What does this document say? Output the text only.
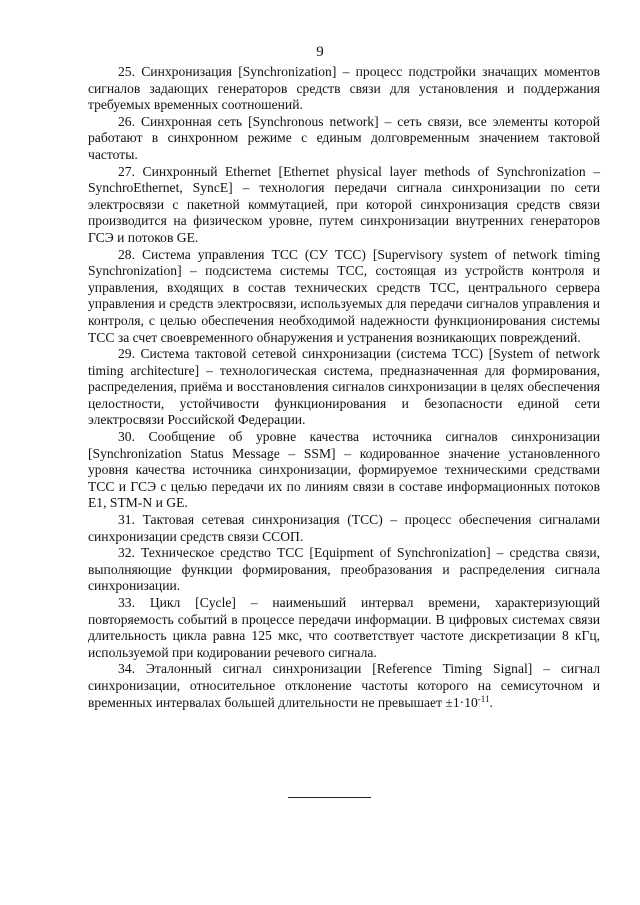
9

25. Синхронизация [Synchronization] – процесс подстройки значащих моментов сигналов задающих генераторов средств связи для установления и поддержания требуемых временных соотношений.

26. Синхронная сеть [Synchronous network] – сеть связи, все элементы которой работают в синхронном режиме с единым долговременным значением тактовой частоты.

27. Синхронный Ethernet [Ethernet physical layer methods of Synchronization – SynchroEthernet, SyncE] – технология передачи сигнала синхронизации по сети электросвязи с пакетной коммутацией, при которой синхронизация средств связи производится на физическом уровне, путем синхронизации внутренних генераторов ГСЭ и потоков GE.

28. Система управления ТСС (СУ ТСС) [Supervisory system of network timing Synchronization] – подсистема системы ТСС, состоящая из устройств контроля и управления, входящих в состав технических средств ТСС, центрального сервера управления и средств электросвязи, используемых для передачи сигналов управления и контроля, с целью обеспечения необходимой надежности функционирования системы ТСС за счет своевременного обнаружения и устранения возникающих повреждений.

29. Система тактовой сетевой синхронизации (система ТСС) [System of network timing architecture] – технологическая система, предназначенная для формирования, распределения, приёма и восстановления сигналов синхронизации в целях обеспечения целостности, устойчивости функционирования и безопасности единой сети электросвязи Российской Федерации.

30. Сообщение об уровне качества источника сигналов синхронизации [Synchronization Status Message – SSM] – кодированное значение установленного уровня качества источника синхронизации, формируемое техническими средствами ТСС и ГСЭ с целью передачи их по линиям связи в составе информационных потоков E1, STM-N и GE.

31. Тактовая сетевая синхронизация (ТСС) – процесс обеспечения сигналами синхронизации средств связи ССОП.

32. Техническое средство ТСС [Equipment of Synchronization] – средства связи, выполняющие функции формирования, преобразования и распределения сигнала синхронизации.

33. Цикл [Cycle] – наименьший интервал времени, характеризующий повторяемость событий в процессе передачи информации. В цифровых системах связи длительность цикла равна 125 мкс, что соответствует частоте дискретизации 8 кГц, используемой при кодировании речевого сигнала.

34. Эталонный сигнал синхронизации [Reference Timing Signal] – сигнал синхронизации, относительное отклонение частоты которого на семисуточном и временных интервалах большей длительности не превышает $\pm 1\cdot 10^{-11}$.
